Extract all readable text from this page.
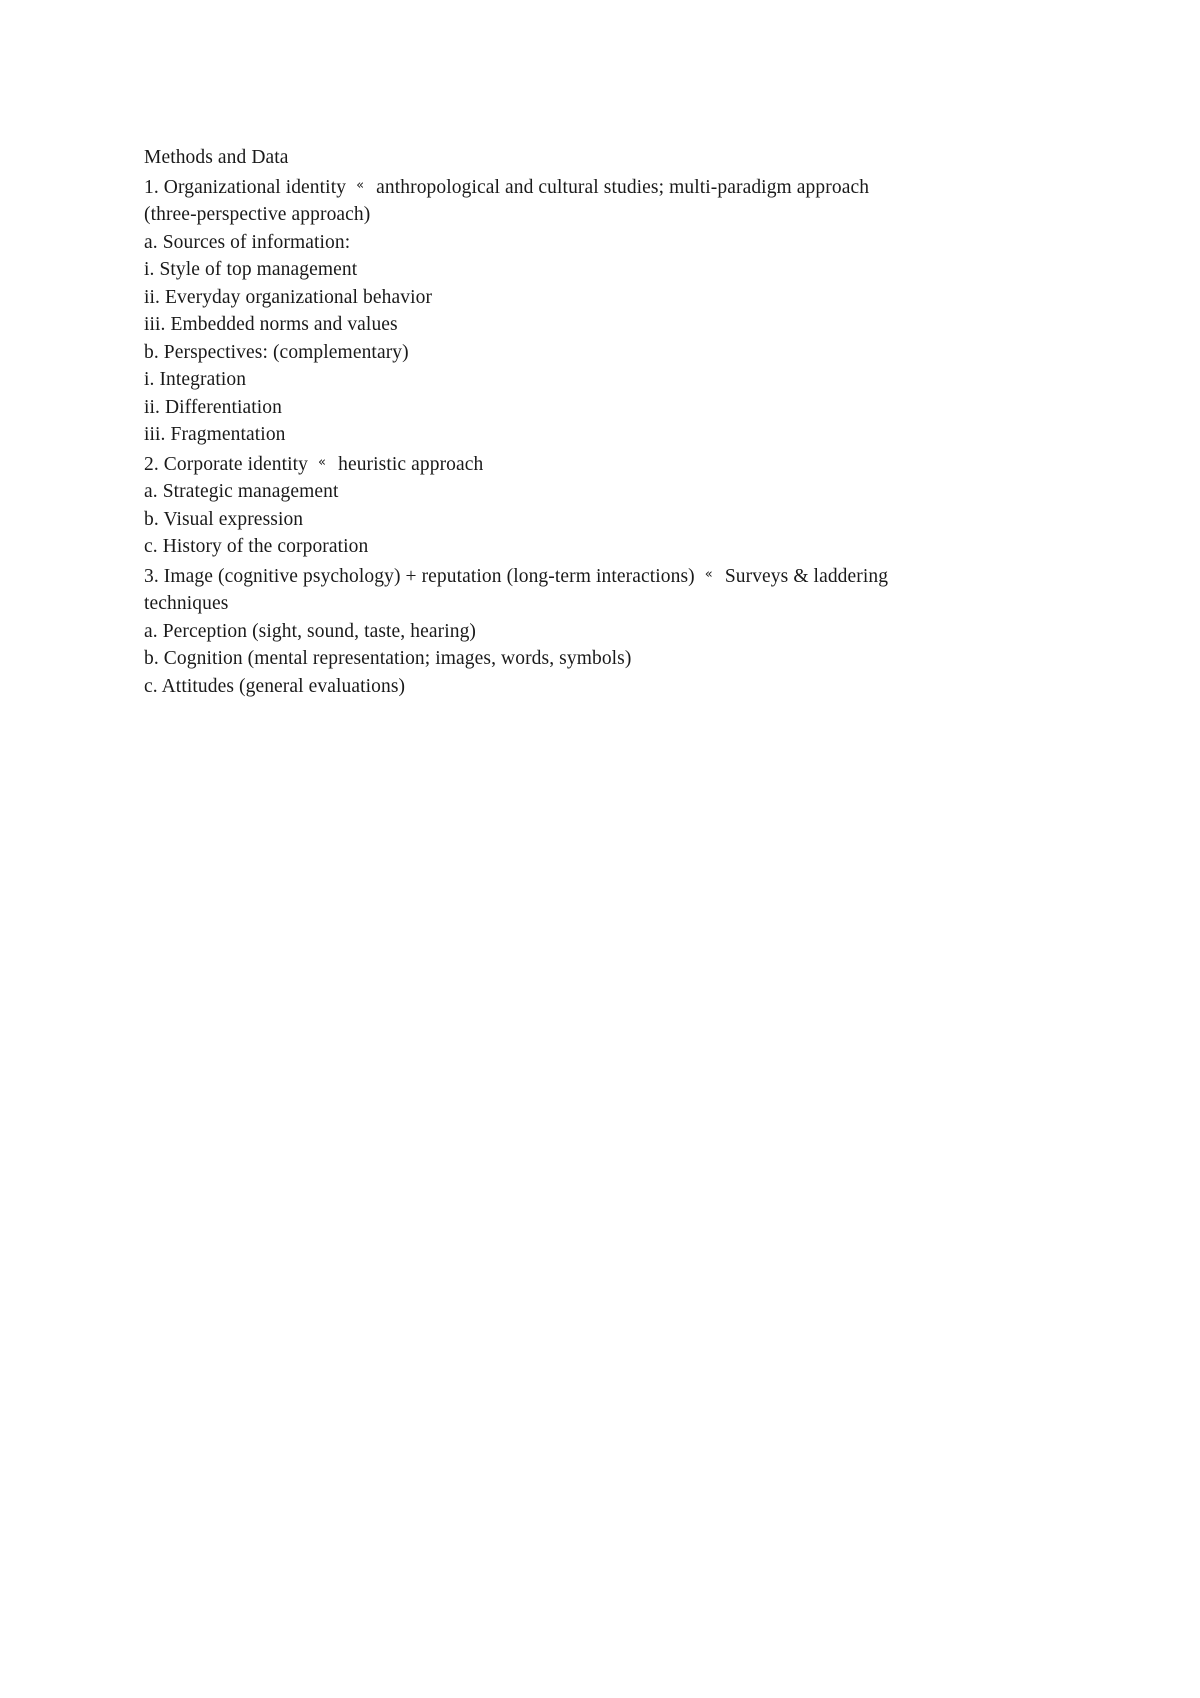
Methods and Data
1. Organizational identity « anthropological and cultural studies; multi-paradigm approach
(three-perspective approach)
a. Sources of information:
i. Style of top management
ii. Everyday organizational behavior
iii. Embedded norms and values
b. Perspectives: (complementary)
i. Integration
ii. Differentiation
iii. Fragmentation
2. Corporate identity « heuristic approach
a. Strategic management
b. Visual expression
c. History of the corporation
3. Image (cognitive psychology) + reputation (long-term interactions) « Surveys & laddering
techniques
a. Perception (sight, sound, taste, hearing)
b. Cognition (mental representation; images, words, symbols)
c. Attitudes (general evaluations)
